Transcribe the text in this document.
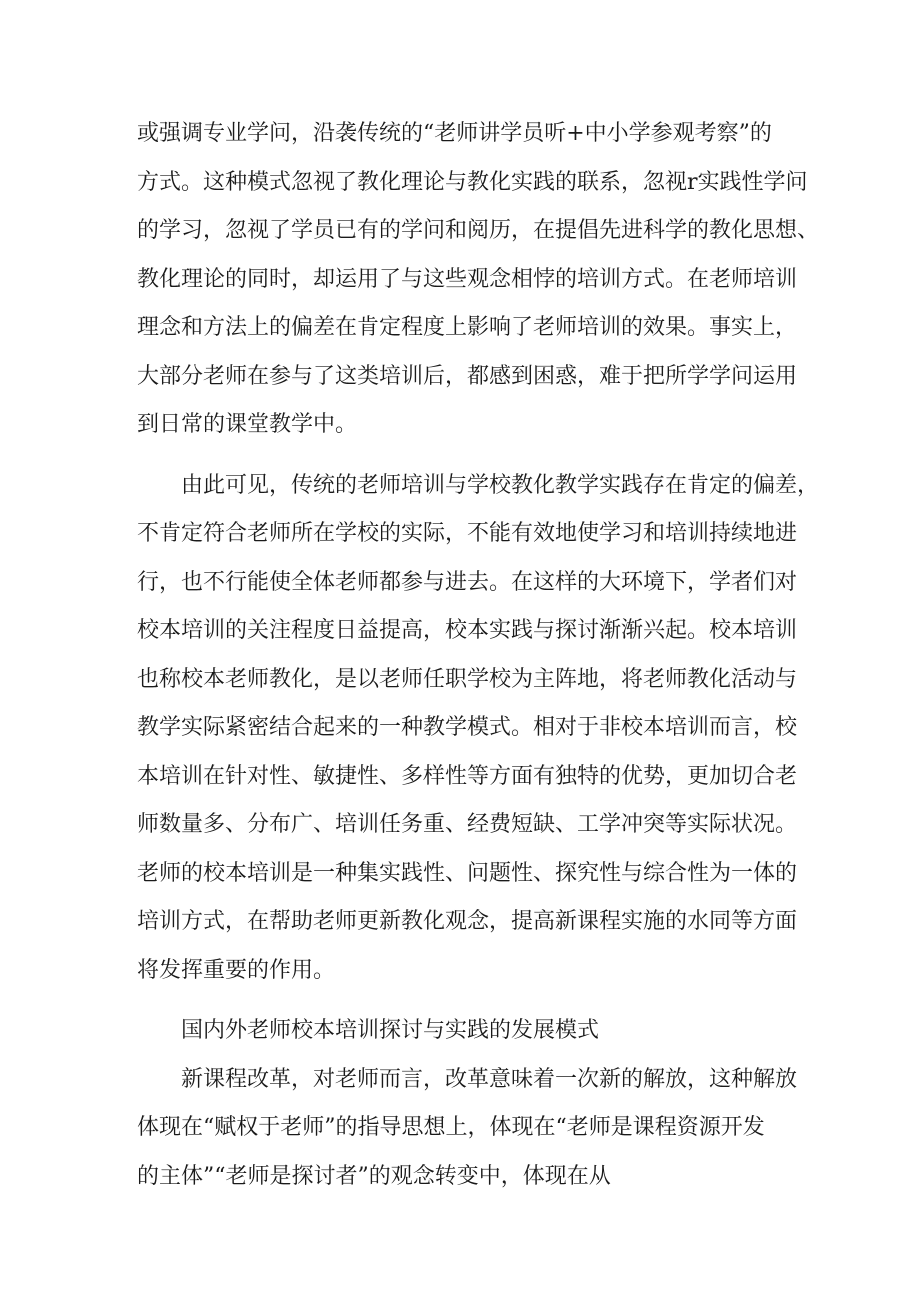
或强调专业学问，沿袭传统的“老师讲学员听+中小学参观考察”的
方式。这种模式忽视了教化理论与教化实践的联系，忽视r实践性学问
的学习，忽视了学员已有的学问和阅历，在提倡先进科学的教化思想、
教化理论的同时，却运用了与这些观念相悖的培训方式。在老师培训
理念和方法上的偏差在肯定程度上影响了老师培训的效果。事实上，
大部分老师在参与了这类培训后，都感到困惑，难于把所学学问运用
到日常的课堂教学中。
由此可见，传统的老师培训与学校教化教学实践存在肯定的偏差，
不肯定符合老师所在学校的实际，不能有效地使学习和培训持续地进
行，也不行能使全体老师都参与进去。在这样的大环境下，学者们对
校本培训的关注程度日益提高，校本实践与探讨渐渐兴起。校本培训
也称校本老师教化，是以老师任职学校为主阵地，将老师教化活动与
教学实际紧密结合起来的一种教学模式。相对于非校本培训而言，校
本培训在针对性、敏捷性、多样性等方面有独特的优势，更加切合老
师数量多、分布广、培训任务重、经费短缺、工学冲突等实际状况。
老师的校本培训是一种集实践性、问题性、探究性与综合性为一体的
培训方式，在帮助老师更新教化观念，提高新课程实施的水同等方面
将发挥重要的作用。
国内外老师校本培训探讨与实践的发展模式
新课程改革，对老师而言，改革意味着一次新的解放，这种解放
体现在“赋权于老师”的指导思想上，体现在“老师是课程资源开发
的主体”“老师是探讨者”的观念转变中，体现在从
